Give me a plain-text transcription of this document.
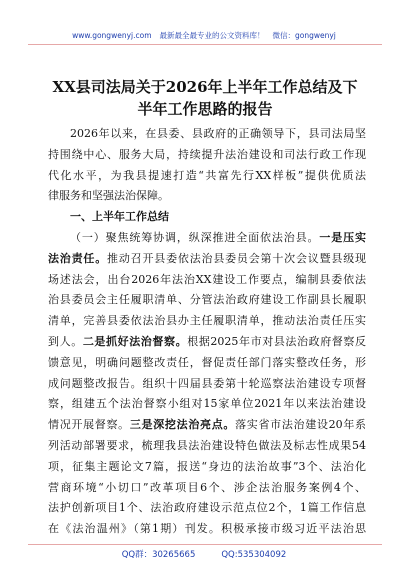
www.gongwenyj.com 最新最全最专业的公文资料库！ 微信：gongwenyj
XX县司法局关于2026年上半年工作总结及下
半年工作思路的报告
2026年以来，在县委、县政府的正确领导下，县司法局坚
持围绕中心、服务大局，持续提升法治建设和司法行政工作现
代化水平，为我县提速打造“共富先行XX样板”提供优质法
律服务和坚强法治保障。
一、上半年工作总结
（一）聚焦统筹协调，纵深推进全面依法治县。一是压实
法治责任。推动召开县委依法治县委员会第十次会议暨县级现
场述法会，出台2026年法治XX建设工作要点，编制县委依法
治县委员会主任履职清单、分管法治政府建设工作副县长履职
清单，完善县委依法治县办主任履职清单，推动法治责任压实
到人。二是抓好法治督察。根据2025年市对县法治政府督察反
馈意见，明确问题整改责任，督促责任部门落实整改任务，形
成问题整改报告。组织十四届县委第十轮巡察法治建设专项督
察，组建五个法治督察小组对15家单位2021年以来法治建设
情况开展督察。三是深挖法治亮点。落实省市法治建设20年系
列活动部署要求，梳理我县法治建设特色做法及标志性成果54
项，征集主题论文7篇，报送“身边的法治故事”3个、法治化
营商环境“小切口”改革项目6个、涉企法治服务案例4个、
法护创新项目1个、法治政府建设示范点位2个，1篇工作信息
在《法治温州》（第1期）刊发。积极承接市级习近平法治思
QQ群：30265665	QQ:535304092
